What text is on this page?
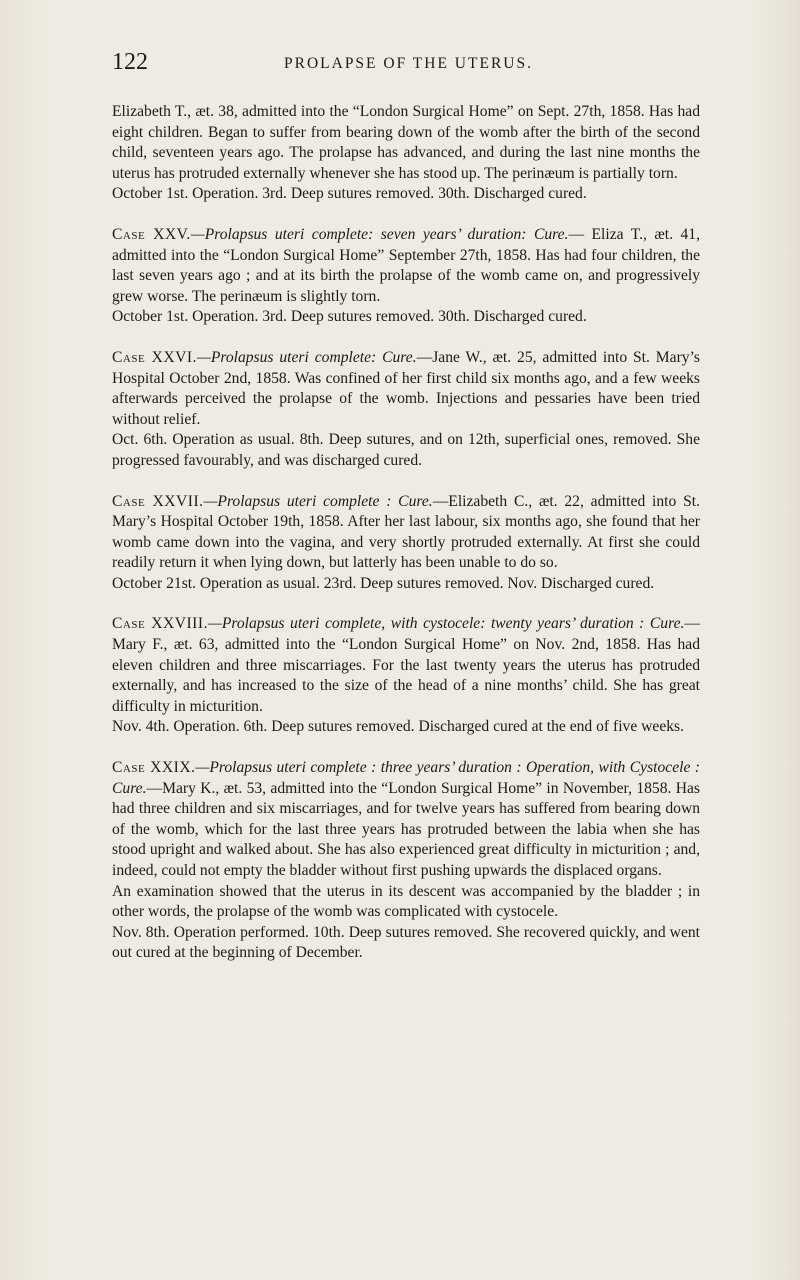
122	PROLAPSE OF THE UTERUS.

Elizabeth T., æt. 38, admitted into the “London Surgical Home” on Sept. 27th, 1858. Has had eight children. Began to suffer from bearing down of the womb after the birth of the second child, seventeen years ago. The prolapse has advanced, and during the last nine months the uterus has protruded externally whenever she has stood up. The perinæum is partially torn.

October 1st. Operation. 3rd. Deep sutures removed. 30th. Discharged cured.

Case XXV.—Prolapsus uteri complete: seven years’ duration: Cure.— Eliza T., æt. 41, admitted into the “London Surgical Home” September 27th, 1858. Has had four children, the last seven years ago ; and at its birth the prolapse of the womb came on, and progressively grew worse. The perinæum is slightly torn.

October 1st. Operation. 3rd. Deep sutures removed. 30th. Discharged cured.

Case XXVI.—Prolapsus uteri complete: Cure.—Jane W., æt. 25, admitted into St. Mary’s Hospital October 2nd, 1858. Was confined of her first child six months ago, and a few weeks afterwards perceived the prolapse of the womb. Injections and pessaries have been tried without relief.

Oct. 6th. Operation as usual. 8th. Deep sutures, and on 12th, superficial ones, removed. She progressed favourably, and was discharged cured.

Case XXVII.—Prolapsus uteri complete : Cure.—Elizabeth C., æt. 22, admitted into St. Mary’s Hospital October 19th, 1858. After her last labour, six months ago, she found that her womb came down into the vagina, and very shortly protruded externally. At first she could readily return it when lying down, but latterly has been unable to do so.

October 21st. Operation as usual. 23rd. Deep sutures removed. Nov. Discharged cured.

Case XXVIII.—Prolapsus uteri complete, with cystocele: twenty years’ duration : Cure.—Mary F., æt. 63, admitted into the “London Surgical Home” on Nov. 2nd, 1858. Has had eleven children and three miscarriages. For the last twenty years the uterus has protruded externally, and has increased to the size of the head of a nine months’ child. She has great difficulty in micturition.

Nov. 4th. Operation. 6th. Deep sutures removed. Discharged cured at the end of five weeks.

Case XXIX.—Prolapsus uteri complete : three years’ duration : Operation, with Cystocele : Cure.—Mary K., æt. 53, admitted into the “London Surgical Home” in November, 1858. Has had three children and six miscarriages, and for twelve years has suffered from bearing down of the womb, which for the last three years has protruded between the labia when she has stood upright and walked about. She has also experienced great difficulty in micturition ; and, indeed, could not empty the bladder without first pushing upwards the displaced organs.

An examination showed that the uterus in its descent was accompanied by the bladder ; in other words, the prolapse of the womb was complicated with cystocele.

Nov. 8th. Operation performed. 10th. Deep sutures removed. She recovered quickly, and went out cured at the beginning of December.
